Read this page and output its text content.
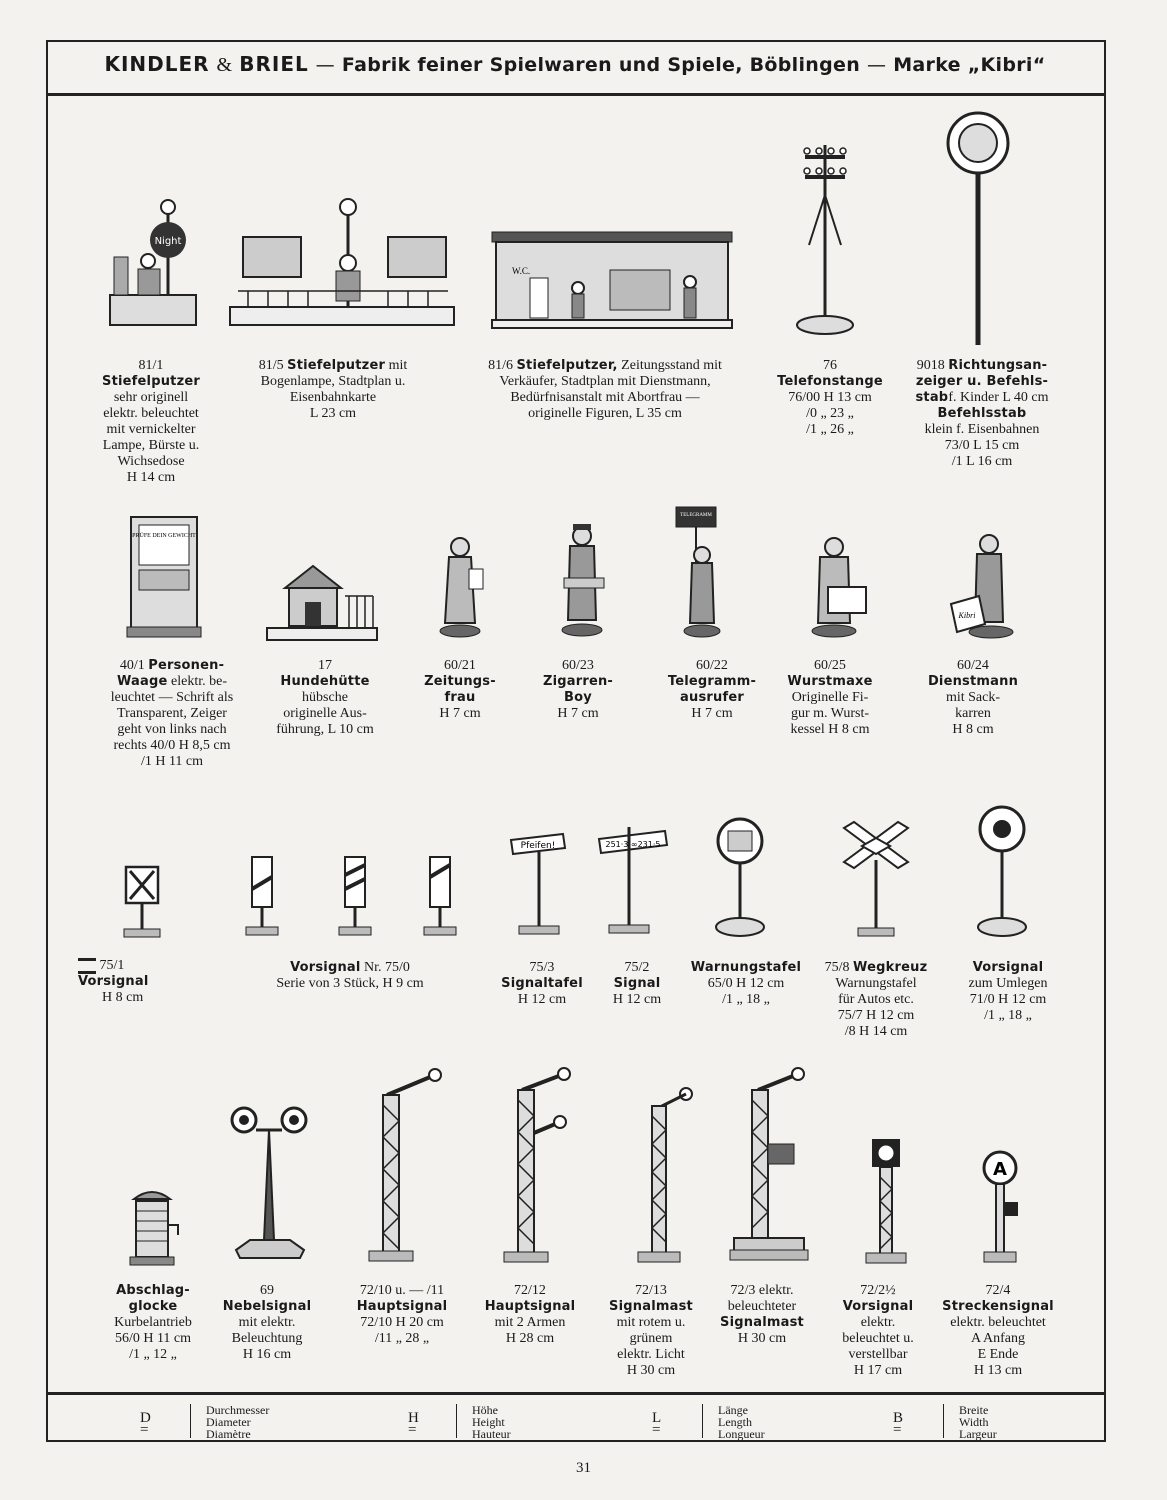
KINDLER & BRIEL — Fabrik feiner Spielwaren und Spiele, Böblingen — Marke „Kibri“
Night
W.C.
81/1
Stiefelputzer
sehr originell
elektr. beleuchtet
mit vernickelter
Lampe, Bürste u.
Wichsedose
H 14 cm
81/5 Stiefelputzer mit
Bogenlampe, Stadtplan u.
Eisenbahnkarte
L 23 cm
81/6 Stiefelputzer, Zeitungsstand mit
Verkäufer, Stadtplan mit Dienstmann,
Bedürfnisanstalt mit Abortfrau —
originelle Figuren, L 35 cm
76
Telefonstange
76/00 H 13 cm
/0 „ 23 „
/1 „ 26 „
9018 Richtungsan-
zeiger u. Befehls-
stabf. Kinder L 40 cm
Befehlsstab
klein f. Eisenbahnen
73/0 L 15 cm
/1 L 16 cm
PRÜFE DEIN GEWICHT
TELEGRAMM
Kibri
40/1 Personen-
Waage elektr. be-
leuchtet — Schrift als
Transparent, Zeiger
geht von links nach
rechts 40/0 H 8,5 cm
/1 H 11 cm
17
Hundehütte
hübsche
originelle Aus-
führung, L 10 cm
60/21
Zeitungs-
frau
H 7 cm
60/23
Zigarren-
Boy
H 7 cm
60/22
Telegramm-
ausrufer
H 7 cm
60/25
Wurstmaxe
Originelle Fi-
gur m. Wurst-
kessel H 8 cm
60/24
Dienstmann
mit Sack-
karren
H 8 cm
Pfeifen!	251·3·∞231·5
75/1
Vorsignal
H 8 cm
Vorsignal Nr. 75/0
Serie von 3 Stück, H 9 cm
75/3
Signaltafel
H 12 cm
75/2
Signal
H 12 cm
Warnungstafel
65/0 H 12 cm
/1 „ 18 „
75/8 Wegkreuz
Warnungstafel
für Autos etc.
75/7 H 12 cm
/8 H 14 cm
Vorsignal
zum Umlegen
71/0 H 12 cm
/1 „ 18 „
A
Abschlag-
glocke
Kurbelantrieb
56/0 H 11 cm
/1 „ 12 „
69
Nebelsignal
mit elektr.
Beleuchtung
H 16 cm
72/10 u. — /11
Hauptsignal
72/10 H 20 cm
/11 „ 28 „
72/12
Hauptsignal
mit 2 Armen
H 28 cm
72/13
Signalmast
mit rotem u.
grünem
elektr. Licht
H 30 cm
72/3 elektr.
beleuchteter
Signalmast
H 30 cm
72/2½
Vorsignal
elektr.
beleuchtet u.
verstellbar
H 17 cm
72/4
Streckensignal
elektr. beleuchtet
A Anfang
E Ende
H 13 cm
D =
Durchmesser
Diameter
Diamètre
H =
Höhe
Height
Hauteur
L =
Länge
Length
Longueur
B =
Breite
Width
Largeur
31
